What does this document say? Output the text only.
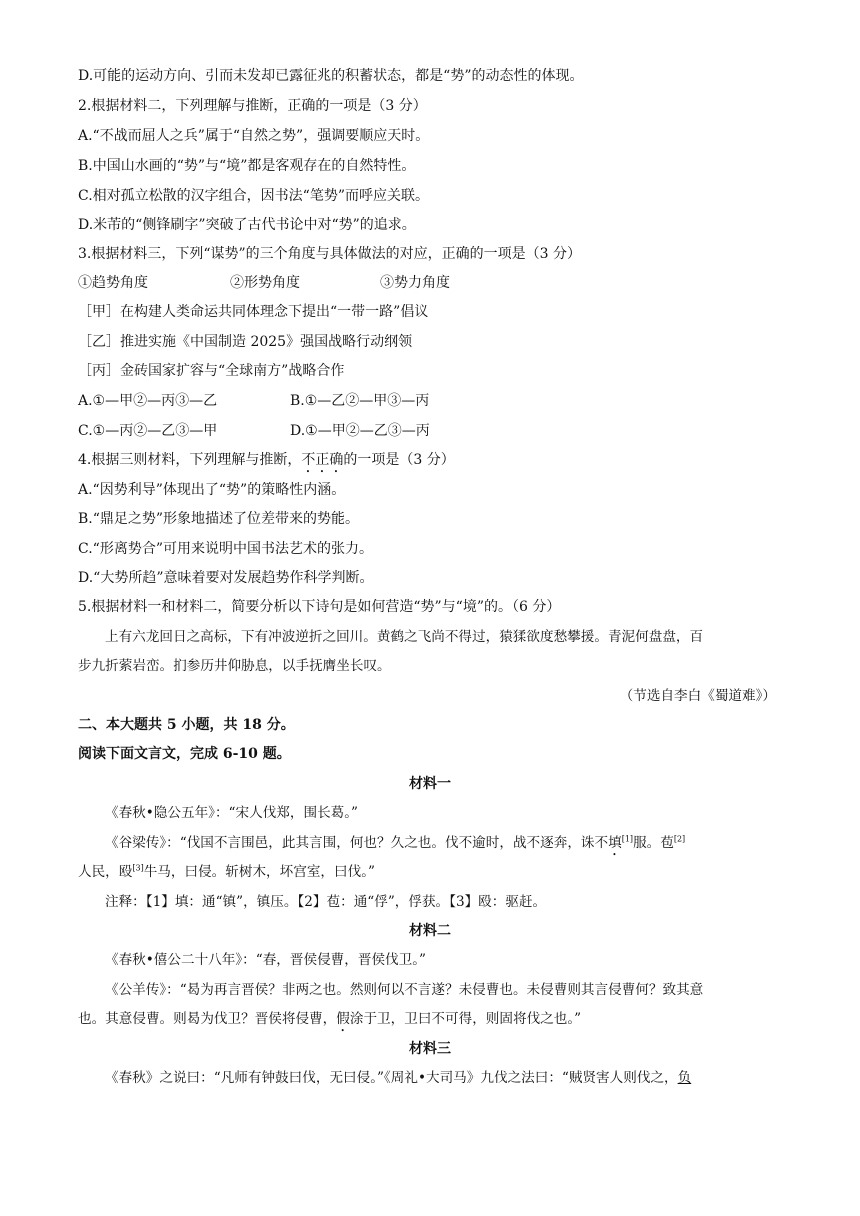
D.可能的运动方向、引而未发却已露征兆的积蓄状态，都是“势”的动态性的体现。
2.根据材料二，下列理解与推断，正确的一项是（3 分）
A.“不战而屈人之兵”属于“自然之势”，强调要顺应天时。
B.中国山水画的“势”与“境”都是客观存在的自然特性。
C.相对孤立松散的汉字组合，因书法“笔势”而呼应关联。
D.米芾的“侧锋刷字”突破了古代书论中对“势”的追求。
3.根据材料三，下列“谋势”的三个角度与具体做法的对应，正确的一项是（3 分）
①趋势角度	②形势角度	③势力角度
［甲］在构建人类命运共同体理念下提出“一带一路”倡议
［乙］推进实施《中国制造 2025》强国战略行动纲领
［丙］金砖国家扩容与“全球南方”战略合作
A.①—甲②—丙③—乙	B.①—乙②—甲③—丙
C.①—丙②—乙③—甲	D.①—甲②—乙③—丙
4.根据三则材料，下列理解与推断，不正确的一项是（3 分）
A.“因势利导”体现出了“势”的策略性内涵。
B.“鼎足之势”形象地描述了位差带来的势能。
C.“形离势合”可用来说明中国书法艺术的张力。
D.“大势所趋”意味着要对发展趋势作科学判断。
5.根据材料一和材料二，简要分析以下诗句是如何营造“势”与“境”的。（6 分）
上有六龙回日之高标，下有冲波逆折之回川。黄鹤之飞尚不得过，猿猱欲度愁攀援。青泥何盘盘，百
步九折萦岩峦。扪参历井仰胁息，以手抚膺坐长叹。
（节选自李白《蜀道难》）
二、本大题共 5 小题，共 18 分。
阅读下面文言文，完成 6-10 题。
材料一
《春秋•隐公五年》：“宋人伐郑，围长葛。”
《谷梁传》：“伐国不言围邑，此其言围，何也？久之也。伐不逾时，战不逐奔，诛不填[1]服。苞[2]
人民，殴[3]牛马，曰侵。斩树木，坏宫室，曰伐。”
注释：【1】填：通“镇”，镇压。【2】苞：通“俘”，俘获。【3】殴：驱赶。
材料二
《春秋•僖公二十八年》：“春，晋侯侵曹，晋侯伐卫。”
《公羊传》：“曷为再言晋侯？非两之也。然则何以不言遂？未侵曹也。未侵曹则其言侵曹何？致其意
也。其意侵曹。则曷为伐卫？晋侯将侵曹，假涂于卫，卫曰不可得，则固将伐之也。”
材料三
《春秋》之说曰：“凡师有钟鼓曰伐，无曰侵。”《周礼•大司马》九伐之法曰：“贼贤害人则伐之，负
